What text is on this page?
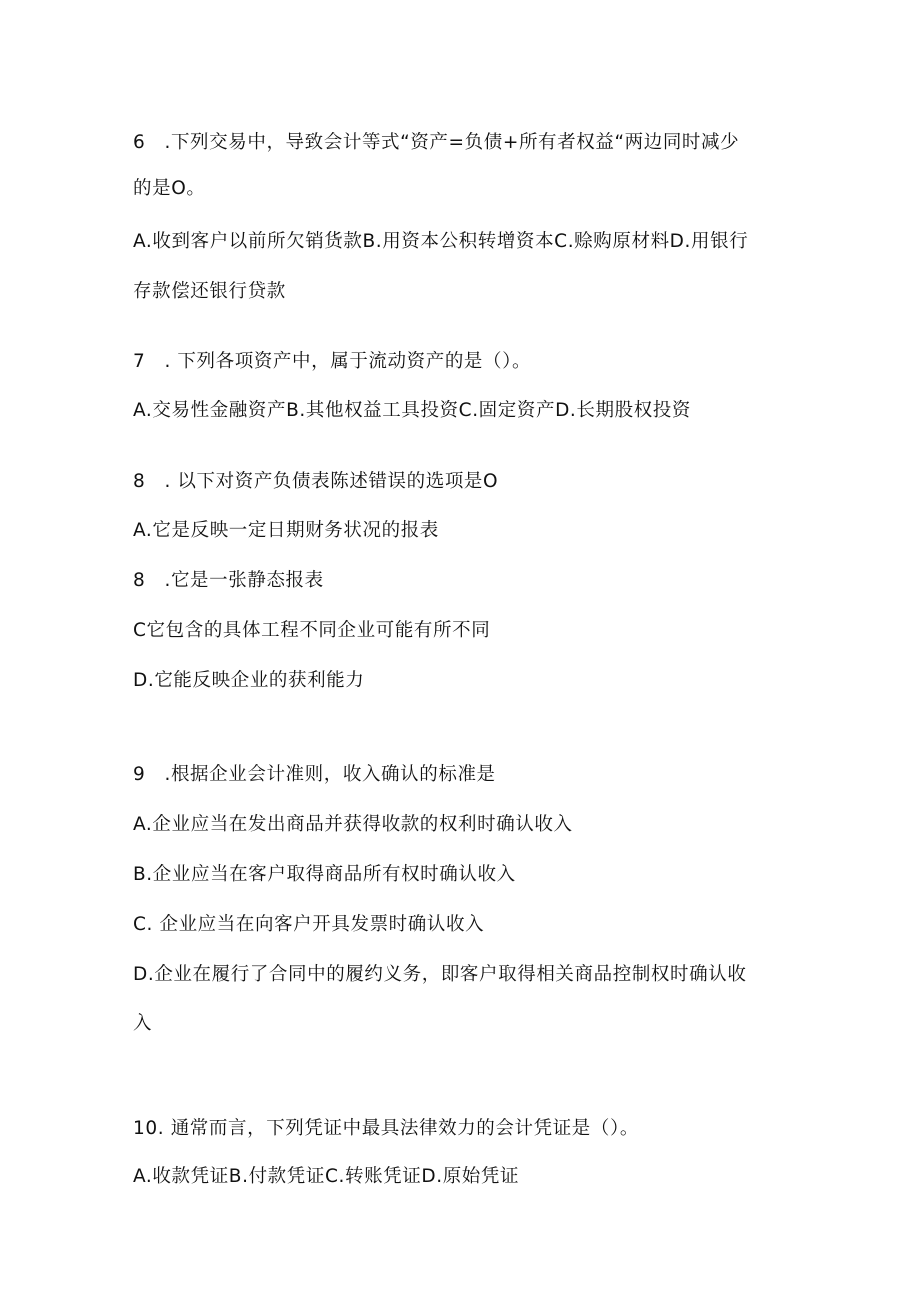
6 .下列交易中，导致会计等式“资产=负债+所有者权益“两边同时减少
的是O。
A.收到客户以前所欠销货款B.用资本公积转增资本C.赊购原材料D.用银行
存款偿还银行贷款
7 . 下列各项资产中，属于流动资产的是（）。
A.交易性金融资产B.其他权益工具投资C.固定资产D.长期股权投资
8 . 以下对资产负债表陈述错误的选项是O
A.它是反映一定日期财务状况的报表
8 .它是一张静态报表
C它包含的具体工程不同企业可能有所不同
D.它能反映企业的获利能力
9 .根据企业会计准则，收入确认的标准是
A.企业应当在发出商品并获得收款的权利时确认收入
B.企业应当在客户取得商品所有权时确认收入
C. 企业应当在向客户开具发票时确认收入
D.企业在履行了合同中的履约义务，即客户取得相关商品控制权时确认收
入
10. 通常而言，下列凭证中最具法律效力的会计凭证是（）。
A.收款凭证B.付款凭证C.转账凭证D.原始凭证
